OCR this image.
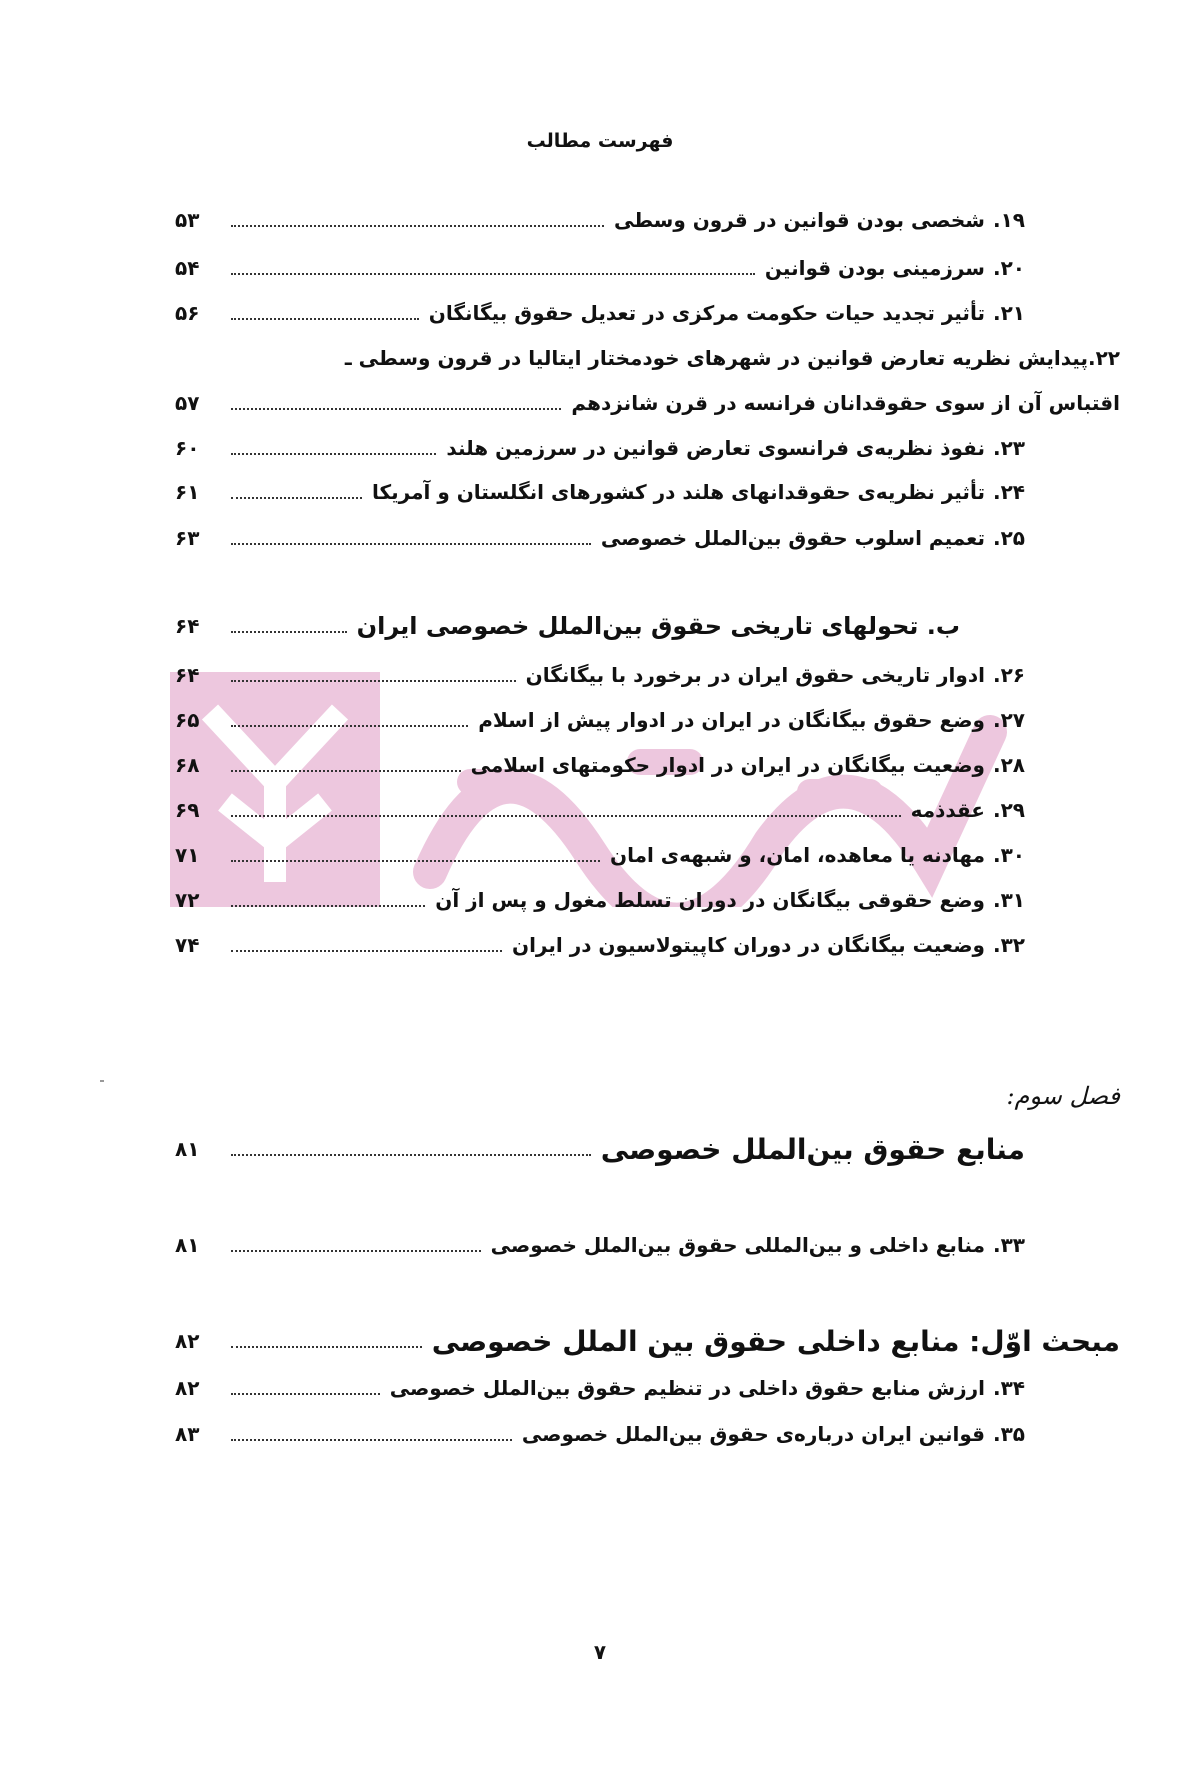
فهرست مطالب
۱۹.شخصی بودن قوانین در قرون وسطی
۵۳
۲۰.سرزمینی بودن قوانین
۵۴
۲۱.تأثیر تجدید حیات حکومت مرکزی در تعدیل حقوق بیگانگان
۵۶
۲۲.پیدایش نظریه تعارض قوانین در شهرهای خودمختار ایتالیا در قرون وسطی ـ
اقتباس آن از سوی حقوقدانان فرانسه در قرن شانزدهم
۵۷
۲۳.نفوذ نظریه‌ی فرانسوی تعارض قوانین در سرزمین هلند
۶۰
۲۴.تأثیر نظریه‌ی حقوقدانهای هلند در کشورهای انگلستان و آمریکا
۶۱
۲۵.تعمیم اسلوب حقوق بین‌الملل خصوصی
۶۳
ب. تحولهای تاریخی حقوق بین‌الملل خصوصی ایران
۶۴
۲۶.ادوار تاریخی حقوق ایران در برخورد با بیگانگان
۶۴
۲۷.وضع حقوق بیگانگان در ایران در ادوار پیش از اسلام
۶۵
۲۸.وضعیت بیگانگان در ایران در ادوار حکومتهای اسلامی
۶۸
۲۹.عقدذمه
۶۹
۳۰.مهادنه یا معاهده، امان، و شبهه‌ی امان
۷۱
۳۱.وضع حقوقی بیگانگان در دوران تسلط مغول و پس از آن
۷۲
۳۲.وضعیت بیگانگان در دوران کاپیتولاسیون در ایران
۷۴
فصل سوم:
منابع حقوق بین‌الملل خصوصی
۸۱
۳۳.منابع داخلی و بین‌المللی حقوق بین‌الملل خصوصی
۸۱
مبحث اوّل: منابع داخلی حقوق بین الملل خصوصی
۸۲
۳۴.ارزش منابع حقوق داخلی در تنظیم حقوق بین‌الملل خصوصی
۸۲
۳۵.قوانین ایران درباره‌ی حقوق بین‌الملل خصوصی
۸۳
۷
